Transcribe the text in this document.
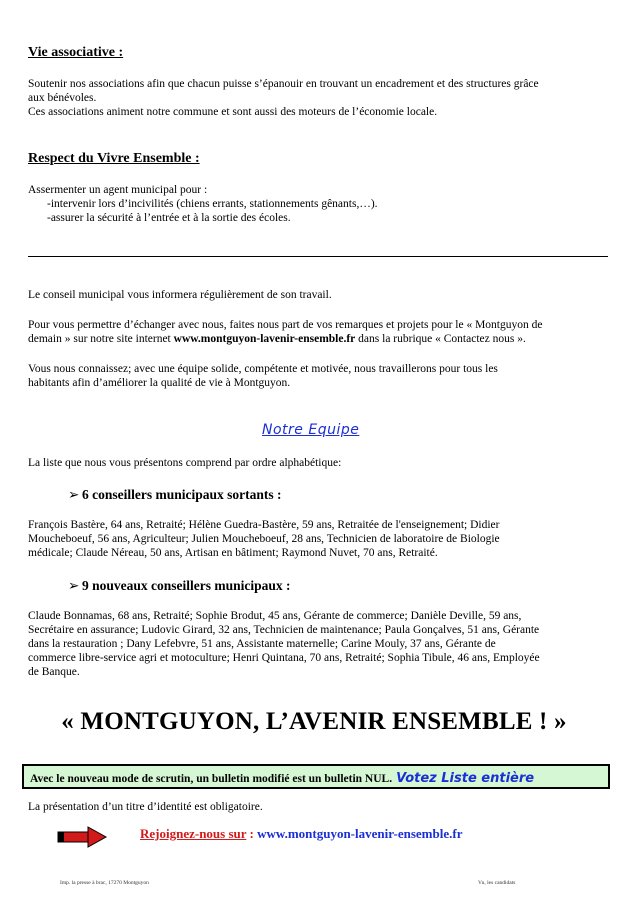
Vie associative :
Soutenir nos associations afin que chacun puisse s’épanouir en trouvant un encadrement et des structures grâce
aux bénévoles.
Ces associations animent notre commune et sont aussi des moteurs de l’économie locale.
Respect du Vivre Ensemble :
Assermenter un agent municipal pour :
-intervenir lors d’incivilités (chiens errants, stationnements gênants,…).
-assurer la sécurité à l’entrée et à la sortie des écoles.
Le conseil municipal vous informera régulièrement de son travail.
Pour vous permettre d’échanger avec nous, faites nous part de vos remarques et projets pour le « Montguyon de
demain » sur notre site internet www.montguyon-lavenir-ensemble.fr dans la rubrique « Contactez nous ».
Vous nous connaissez; avec une équipe solide, compétente et motivée, nous travaillerons pour tous les
habitants afin d’améliorer la qualité de vie à Montguyon.
Notre Equipe
La liste que nous vous présentons comprend par ordre alphabétique:
➢ 6 conseillers municipaux sortants :
François Bastère, 64 ans, Retraité; Hélène Guedra-Bastère, 59 ans, Retraitée de l'enseignement; Didier
Moucheboeuf, 56 ans, Agriculteur; Julien Moucheboeuf, 28 ans, Technicien de laboratoire de Biologie
médicale; Claude Néreau, 50 ans, Artisan en bâtiment; Raymond Nuvet, 70 ans, Retraité.
➢ 9 nouveaux conseillers municipaux :
Claude Bonnamas, 68 ans, Retraité; Sophie Brodut, 45 ans, Gérante de commerce; Danièle Deville, 59 ans,
Secrétaire en assurance; Ludovic Girard, 32 ans, Technicien de maintenance; Paula Gonçalves, 51 ans, Gérante
dans la restauration ; Dany Lefebvre, 51 ans, Assistante maternelle; Carine Mouly, 37 ans, Gérante de
commerce libre-service agri et motoculture; Henri Quintana, 70 ans, Retraité; Sophia Tibule, 46 ans, Employée
de Banque.
« MONTGUYON, L’AVENIR ENSEMBLE ! »
Avec le nouveau mode de scrutin, un bulletin modifié est un bulletin NUL. Votez Liste entière
La présentation d’un titre d’identité est obligatoire.
Rejoignez-nous sur : www.montguyon-lavenir-ensemble.fr
Imp. la presse à brac, 17270 Montguyon	Vu, les candidats
